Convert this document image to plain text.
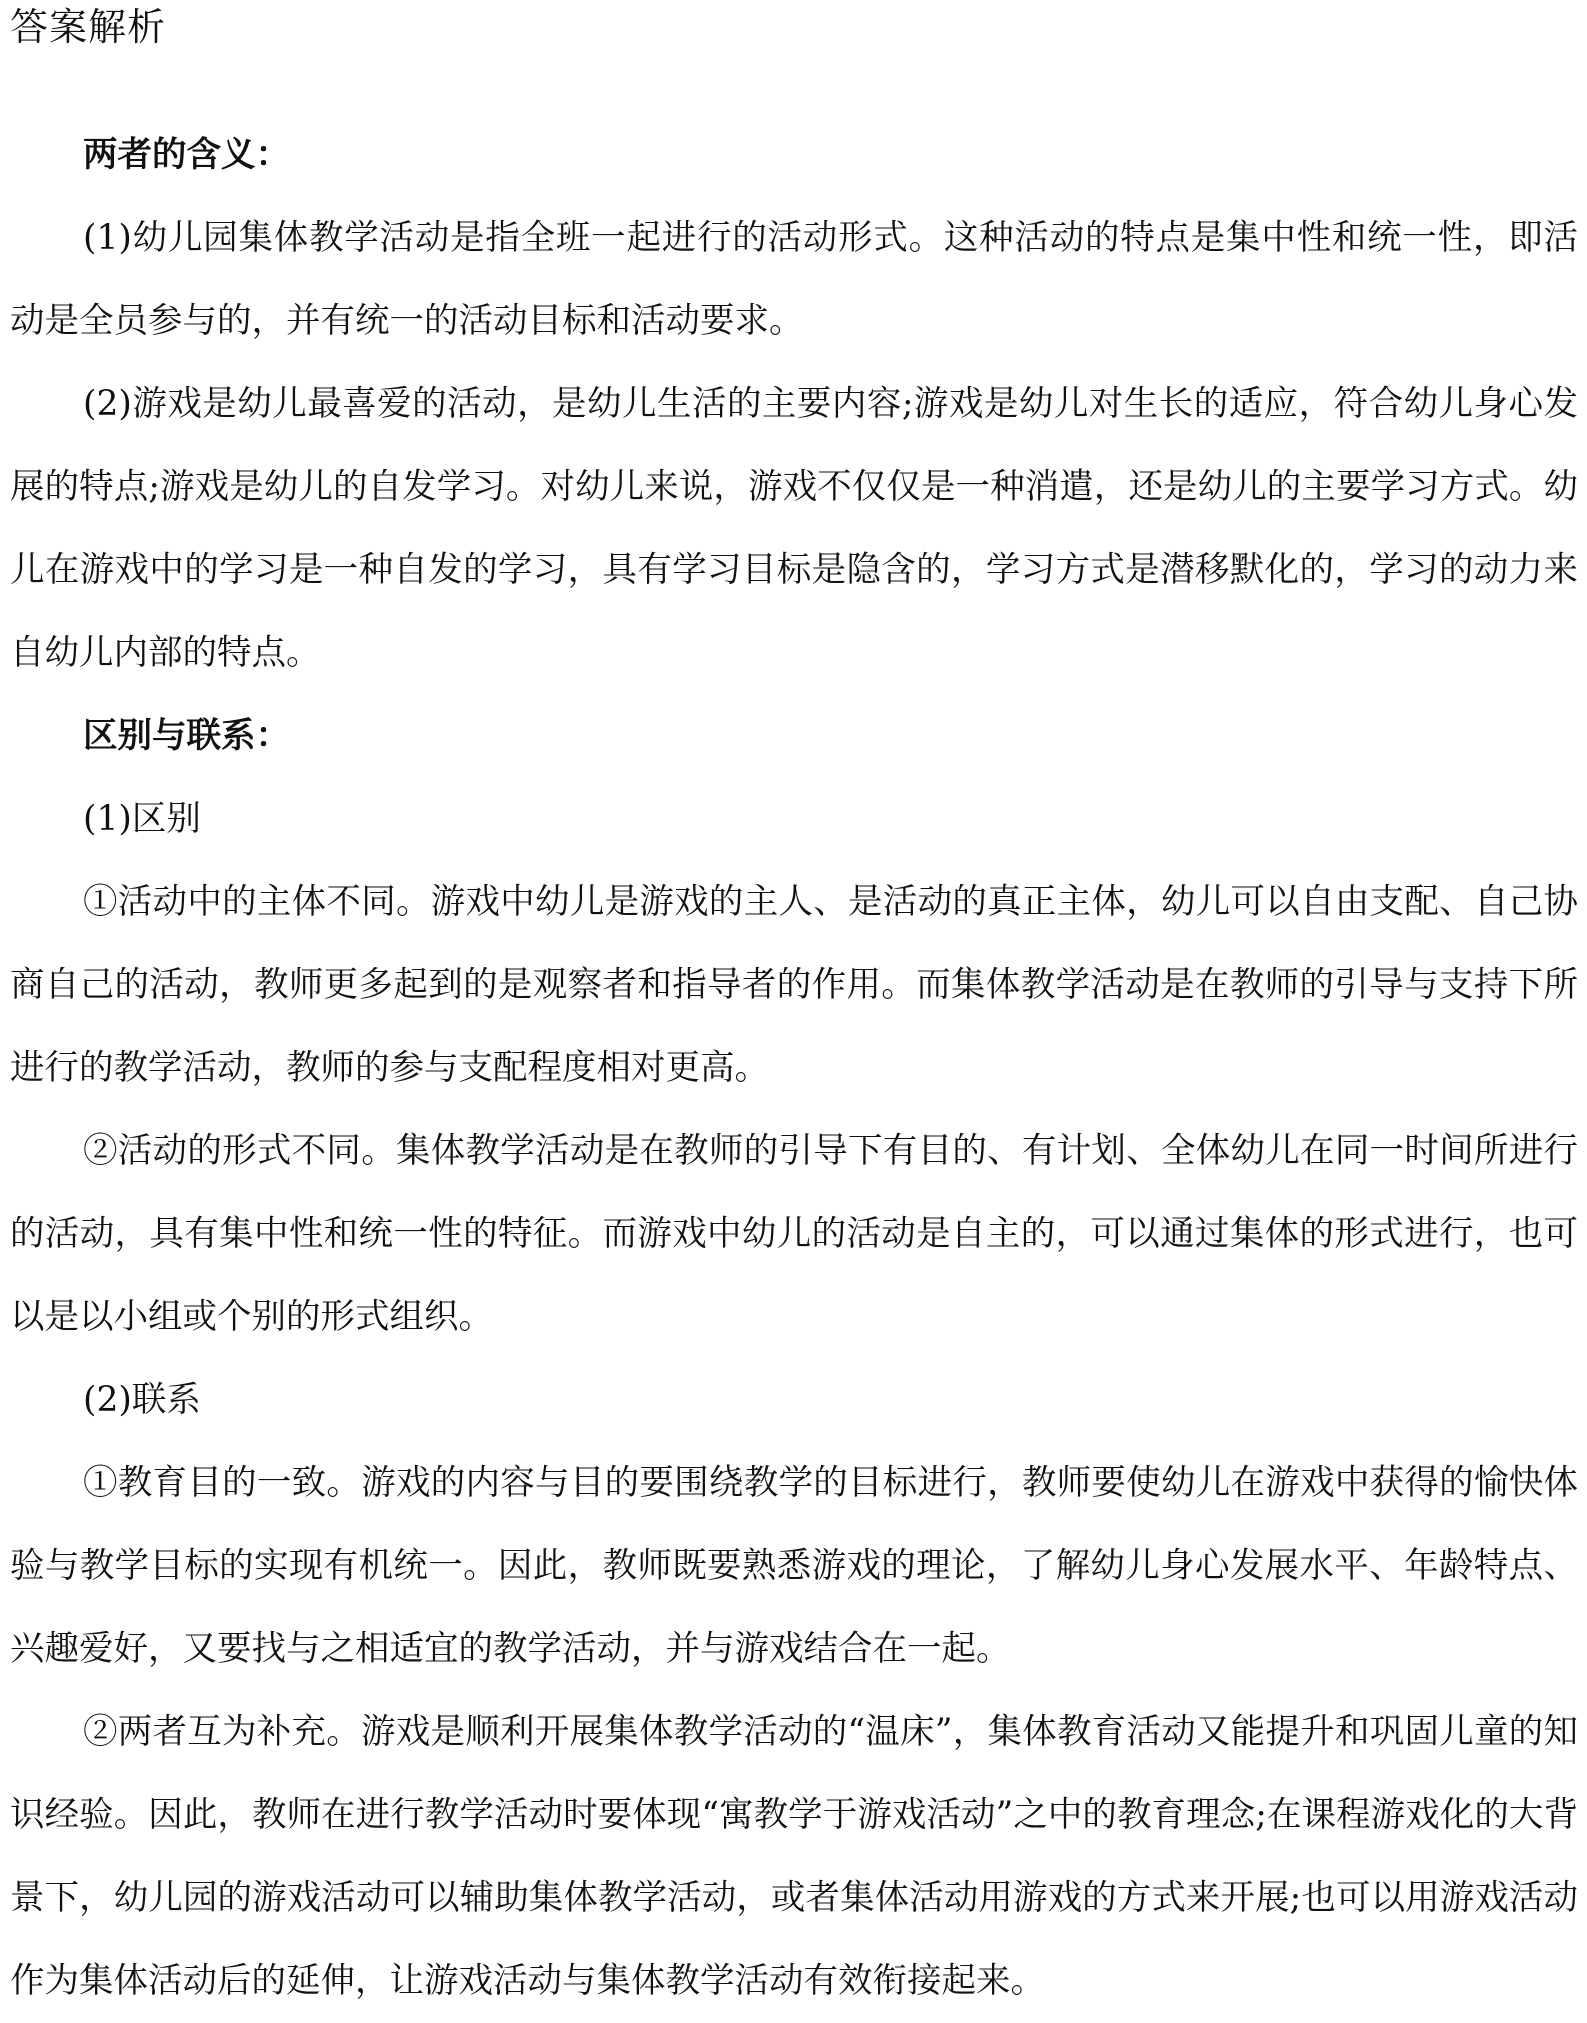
答案解析

两者的含义：

(1)幼儿园集体教学活动是指全班一起进行的活动形式。这种活动的特点是集中性和统一性，即活动是全员参与的，并有统一的活动目标和活动要求。

(2)游戏是幼儿最喜爱的活动，是幼儿生活的主要内容;游戏是幼儿对生长的适应，符合幼儿身心发展的特点;游戏是幼儿的自发学习。对幼儿来说，游戏不仅仅是一种消遣，还是幼儿的主要学习方式。幼儿在游戏中的学习是一种自发的学习，具有学习目标是隐含的，学习方式是潜移默化的，学习的动力来自幼儿内部的特点。

区别与联系：

(1)区别

①活动中的主体不同。游戏中幼儿是游戏的主人、是活动的真正主体，幼儿可以自由支配、自己协商自己的活动，教师更多起到的是观察者和指导者的作用。而集体教学活动是在教师的引导与支持下所进行的教学活动，教师的参与支配程度相对更高。

②活动的形式不同。集体教学活动是在教师的引导下有目的、有计划、全体幼儿在同一时间所进行的活动，具有集中性和统一性的特征。而游戏中幼儿的活动是自主的，可以通过集体的形式进行，也可以是以小组或个别的形式组织。

(2)联系

①教育目的一致。游戏的内容与目的要围绕教学的目标进行，教师要使幼儿在游戏中获得的愉快体验与教学目标的实现有机统一。因此，教师既要熟悉游戏的理论，了解幼儿身心发展水平、年龄特点、兴趣爱好，又要找与之相适宜的教学活动，并与游戏结合在一起。

②两者互为补充。游戏是顺利开展集体教学活动的“温床”，集体教育活动又能提升和巩固儿童的知识经验。因此，教师在进行教学活动时要体现“寓教学于游戏活动”之中的教育理念;在课程游戏化的大背景下，幼儿园的游戏活动可以辅助集体教学活动，或者集体活动用游戏的方式来开展;也可以用游戏活动作为集体活动后的延伸，让游戏活动与集体教学活动有效衔接起来。
